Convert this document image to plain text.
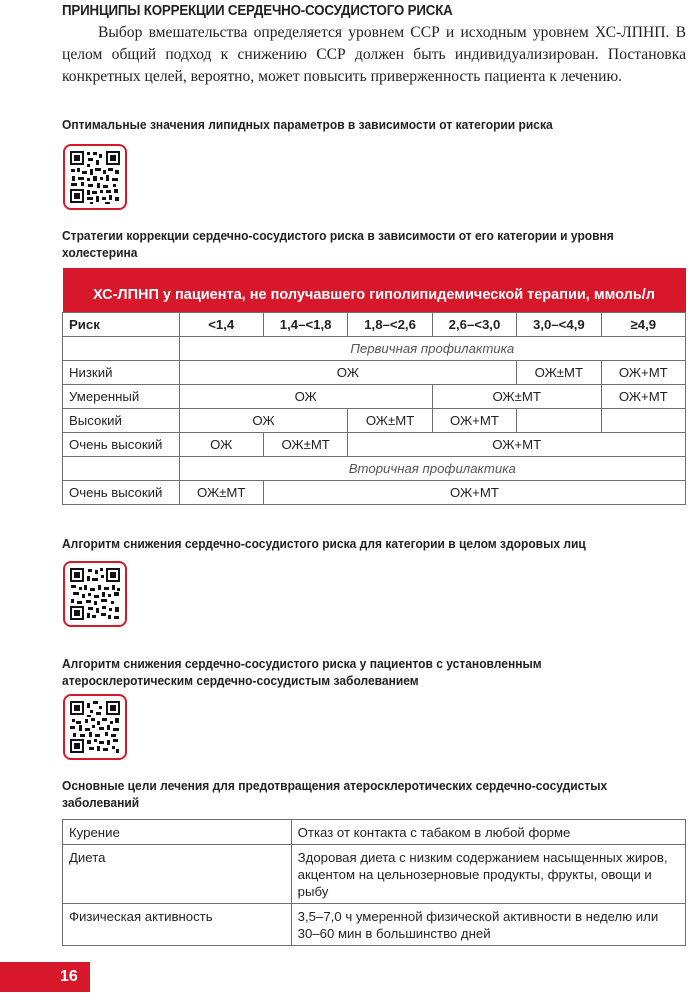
ПРИНЦИПЫ КОРРЕКЦИИ СЕРДЕЧНО-СОСУДИСТОГО РИСКА

Выбор вмешательства определяется уровнем ССР и исходным уровнем ХС-ЛПНП. В целом общий подход к снижению ССР должен быть индивидуализирован. Постановка конкретных целей, вероятно, может повысить приверженность пациента к лечению.

Оптимальные значения липидных параметров в зависимости от категории риска
Стратегии коррекции сердечно-сосудистого риска в зависимости от его категории и уровня холестерина
ХС-ЛПНП у пациента, не получавшего гиполипидемической терапии, ммоль/л						
Риск	<1,4	1,4–<1,8	1,8–<2,6	2,6–<3,0	3,0–<4,9	≥4,9
	Первичная профилактика					
Низкий	ОЖ				ОЖ±МТ	ОЖ+МТ
Умеренный	ОЖ			ОЖ±МТ		ОЖ+МТ
Высокий	ОЖ		ОЖ±МТ	ОЖ+МТ		
Очень высокий	ОЖ	ОЖ±МТ	ОЖ+МТ			
	Вторичная профилактика					
Очень высокий	ОЖ±МТ	ОЖ+МТ				
Алгоритм снижения сердечно-сосудистого риска для категории в целом здоровых лиц
Алгоритм снижения сердечно-сосудистого риска у пациентов с установленным атеросклеротическим сердечно-сосудистым заболеванием
Основные цели лечения для предотвращения атеросклеротических сердечно-сосудистых заболеваний
Курение	Отказ от контакта с табаком в любой форме
Диета	Здоровая диета с низким содержанием насыщенных жиров, акцентом на цельнозерновые продукты, фрукты, овощи и рыбу
Физическая активность	3,5–7,0 ч умеренной физической активности в неделю или 30–60 мин в большинство дней
16
